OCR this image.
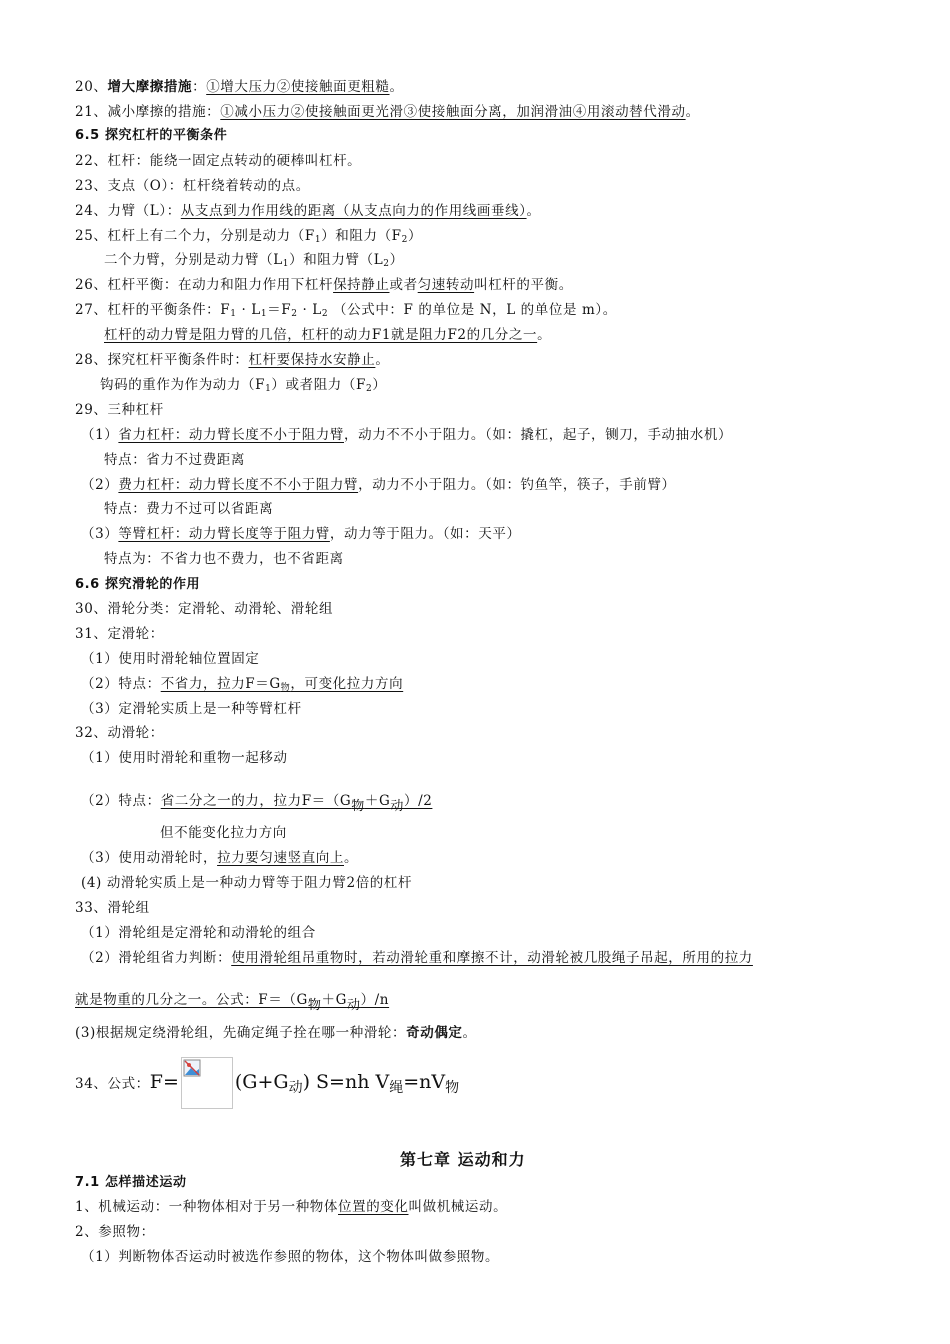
20、增大摩擦措施：①增大压力②使接触面更粗糙。
21、减小摩擦的措施：①减小压力②使接触面更光滑③使接触面分离，加润滑油④用滚动替代滑动。
6.5 探究杠杆的平衡条件
22、杠杆：能绕一固定点转动的硬棒叫杠杆。
23、支点（O）：杠杆绕着转动的点。
24、力臂（L）：从支点到力作用线的距离（从支点向力的作用线画垂线）。
25、杠杆上有二个力，分别是动力$(F_1)$和阻力$(F_2)$
二个力臂，分别是动力臂$(L_1)$和阻力臂$(L_2)$
26、杠杆平衡：在动力和阻力作用下杠杆保持静止或者匀速转动叫杠杆的平衡。
27、杠杆的平衡条件：$F_1 \cdot L_1=F_2 \cdot L_2$ （公式中：F 的单位是 N，L 的单位是 m）。
杠杆的动力臂是阻力臂的几倍，杠杆的动力F1就是阻力F2的几分之一。
28、探究杠杆平衡条件时：杠杆要保持水安静止。
钩码的重作为作为动力$(F_1)$或者阻力$(F_2)$
29、三种杠杆
（1）省力杠杆：动力臂长度不小于阻力臂，动力不不小于阻力。（如：撬杠，起子，铡刀，手动抽水机）
特点：省力不过费距离
（2）费力杠杆：动力臂长度不不小于阻力臂，动力不小于阻力。（如：钓鱼竿，筷子，手前臂）
特点：费力不过可以省距离
（3）等臂杠杆：动力臂长度等于阻力臂，动力等于阻力。（如：天平）
特点为：不省力也不费力，也不省距离
6.6 探究滑轮的作用
30、滑轮分类：定滑轮、动滑轮、滑轮组
31、定滑轮：
（1）使用时滑轮轴位置固定
（2）特点：不省力，拉力$F=G_物$，可变化拉力方向
（3）定滑轮实质上是一种等臂杠杆
32、动滑轮：
（1）使用时滑轮和重物一起移动
（2）特点：省二分之一的力，拉力F＝（G物＋G动）/2
但不能变化拉力方向
（3）使用动滑轮时，拉力要匀速竖直向上。
(4) 动滑轮实质上是一种动力臂等于阻力臂2倍的杠杆
33、滑轮组
（1）滑轮组是定滑轮和动滑轮的组合
（2）滑轮组省力判断：使用滑轮组吊重物时，若动滑轮重和摩擦不计，动滑轮被几股绳子吊起，所用的拉力
就是物重的几分之一。公式：F＝（G物＋G动）/n
(3)根据规定绕滑轮组，先确定绳子拴在哪一种滑轮：奇动偶定。
34、公式：F=	$(G+G_动)$ S=nh $V_绳=nV_物$
第七章 运动和力
7.1 怎样描述运动
1、机械运动：一种物体相对于另一种物体位置的变化叫做机械运动。
2、参照物：
（1）判断物体否运动时被选作参照的物体，这个物体叫做参照物。
